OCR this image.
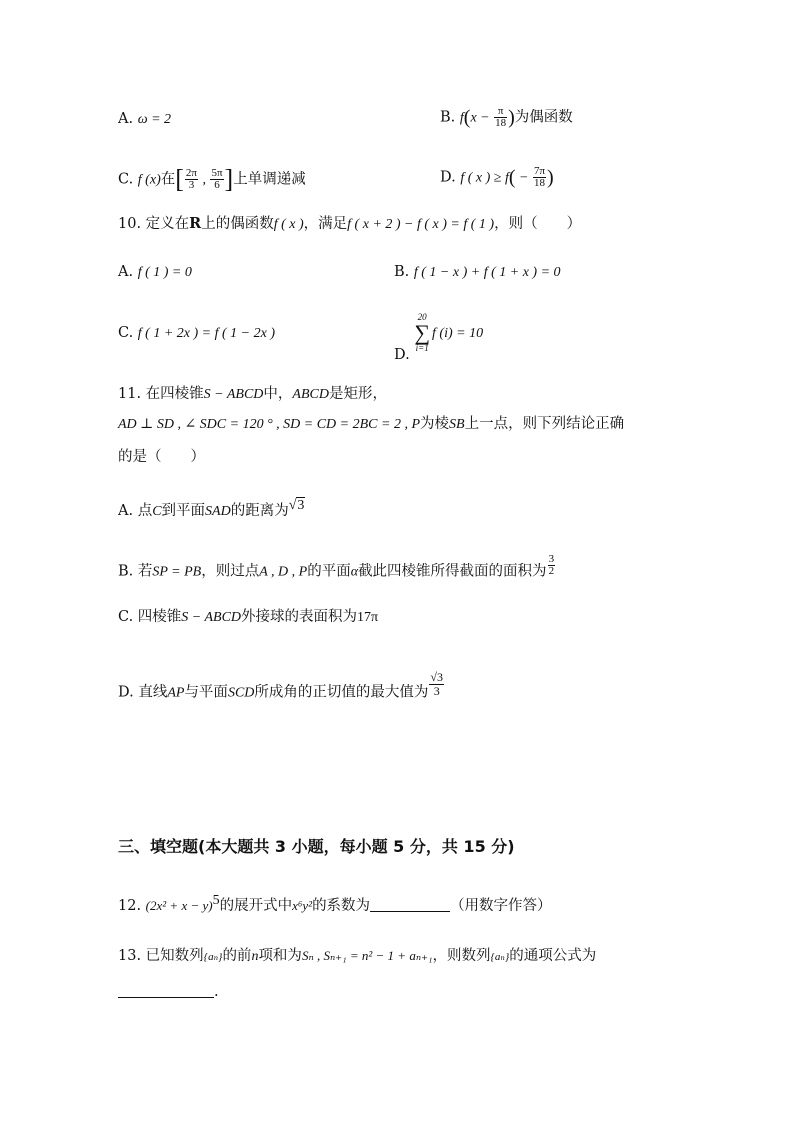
A. ω = 2	B. $f(x - \frac{\pi}{18}$ )为偶函数
C. f (x)在[ $\frac{2\pi}{3}$ , $\frac{5\pi}{6}$ ]上单调递减	D. f ( x ) ≥ $f( - \frac{7\pi}{18}$ )
10. 定义在R上的偶函数f ( x )，满足f ( x + 2 ) − f ( x ) = f ( 1 )，则（　　）
A. f ( 1 ) = 0	B. f ( 1 − x ) + f ( 1 + x ) = 0
C. f ( 1 + 2x ) = f ( 1 − 2x )
D.
20
∑
i=1
f (i) = 10
11. 在四棱锥S − ABCD中，ABCD是矩形，
AD ⊥ SD , ∠ SDC = 120 ° , SD = CD = 2BC = 2 , P为棱SB上一点，则下列结论正确
的是（　　）
A. 点C到平面SAD的距离为√3
B. 若SP = PB，则过点A , D , P的平面α截此四棱锥所得截面的面积为 $\frac{3}{2}$
C. 四棱锥S − ABCD外接球的表面积为17π
D. 直线AP与平面SCD所成角的正切值的最大值为 $\frac{√3}{3}$
三、填空题(本大题共 3 小题，每小题 5 分，共 15 分)
12. $(2x^2 + x - y)^5$的展开式中x⁶y²的系数为	（用数字作答）
13. 已知数列{aₙ}的前n项和为Sₙ , Sₙ₊₁ = n² − 1 + aₙ₊₁，则数列{aₙ}的通项公式为
.
